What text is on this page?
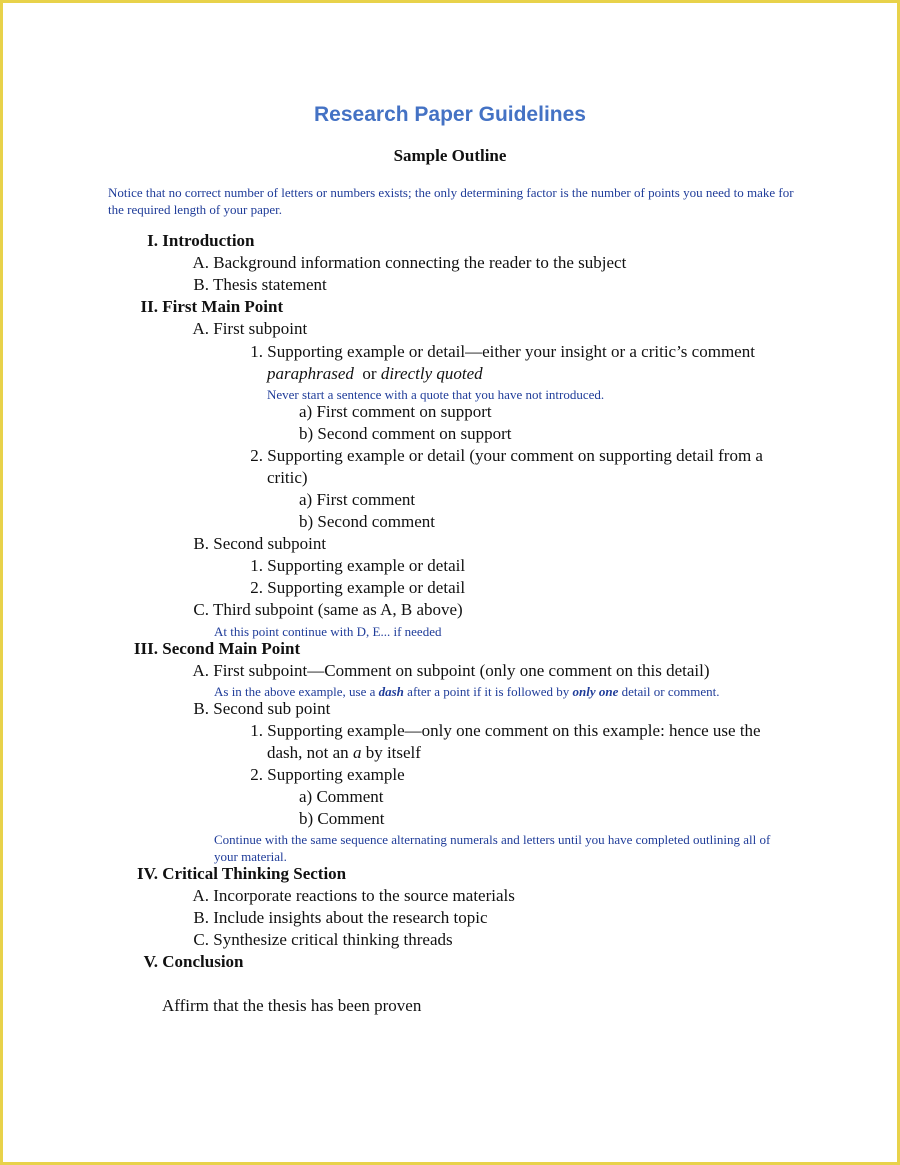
Research Paper Guidelines
Sample Outline

Notice that no correct number of letters or numbers exists; the only determining factor is the number of points you need to make for the required length of your paper.

I. Introduction
A. Background information connecting the reader to the subject
B. Thesis statement
II. First Main Point
A. First subpoint
1. Supporting example or detail—either your insight or a critic’s comment
paraphrased or directly quoted
Never start a sentence with a quote that you have not introduced.
a) First comment on support
b) Second comment on support
2. Supporting example or detail (your comment on supporting detail from a
critic)
a) First comment
b) Second comment
B. Second subpoint
1. Supporting example or detail
2. Supporting example or detail
C. Third subpoint (same as A, B above)
At this point continue with D, E... if needed
III. Second Main Point
A. First subpoint—Comment on subpoint (only one comment on this detail)
As in the above example, use a dash after a point if it is followed by only one detail or comment.
B. Second sub point
1. Supporting example—only one comment on this example: hence use the
dash, not an a by itself
2. Supporting example
a) Comment
b) Comment

Continue with the same sequence alternating numerals and letters until you have completed outlining all of your material.

IV. Critical Thinking Section
A. Incorporate reactions to the source materials
B. Include insights about the research topic
C. Synthesize critical thinking threads
V. Conclusion
Affirm that the thesis has been proven
